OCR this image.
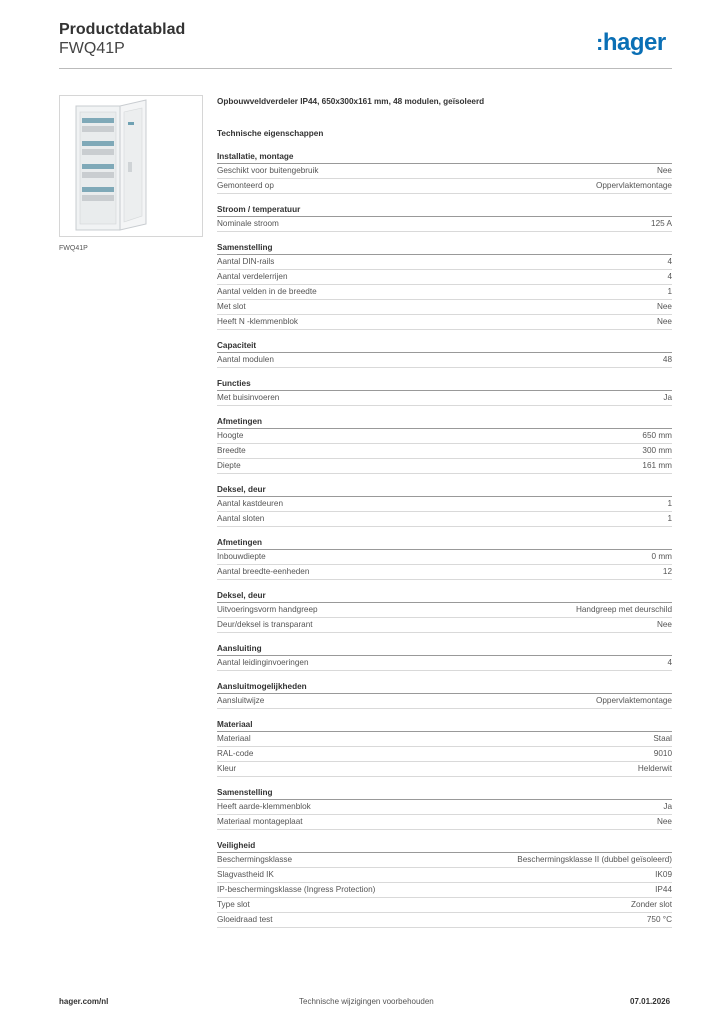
Productdatablad
FWQ41P	:hager
FWQ41P
Opbouwveldverdeler IP44, 650x300x161 mm, 48 modulen, geïsoleerd
Technische eigenschappen
Installatie, montage
Geschikt voor buitengebruik	Nee
Gemonteerd op	Oppervlaktemontage
Stroom / temperatuur
Nominale stroom	125 A
Samenstelling
Aantal DIN-rails	4
Aantal verdelerrijen	4
Aantal velden in de breedte	1
Met slot	Nee
Heeft N -klemmenblok	Nee
Capaciteit
Aantal modulen	48
Functies
Met buisinvoeren	Ja
Afmetingen
Hoogte	650 mm
Breedte	300 mm
Diepte	161 mm
Deksel, deur
Aantal kastdeuren	1
Aantal sloten	1
Afmetingen
Inbouwdiepte	0 mm
Aantal breedte-eenheden	12
Deksel, deur
Uitvoeringsvorm handgreep	Handgreep met deurschild
Deur/deksel is transparant	Nee
Aansluiting
Aantal leidinginvoeringen	4
Aansluitmogelijkheden
Aansluitwijze	Oppervlaktemontage
Materiaal
Materiaal	Staal
RAL-code	9010
Kleur	Helderwit
Samenstelling
Heeft aarde-klemmenblok	Ja
Materiaal montageplaat	Nee
Veiligheid
Beschermingsklasse	Beschermingsklasse II (dubbel geïsoleerd)
Slagvastheid IK	IK09
IP-beschermingsklasse (Ingress Protection)	IP44
Type slot	Zonder slot
Gloeidraad test	750 °C
hager.com/nl	Technische wijzigingen voorbehouden	07.01.2026
